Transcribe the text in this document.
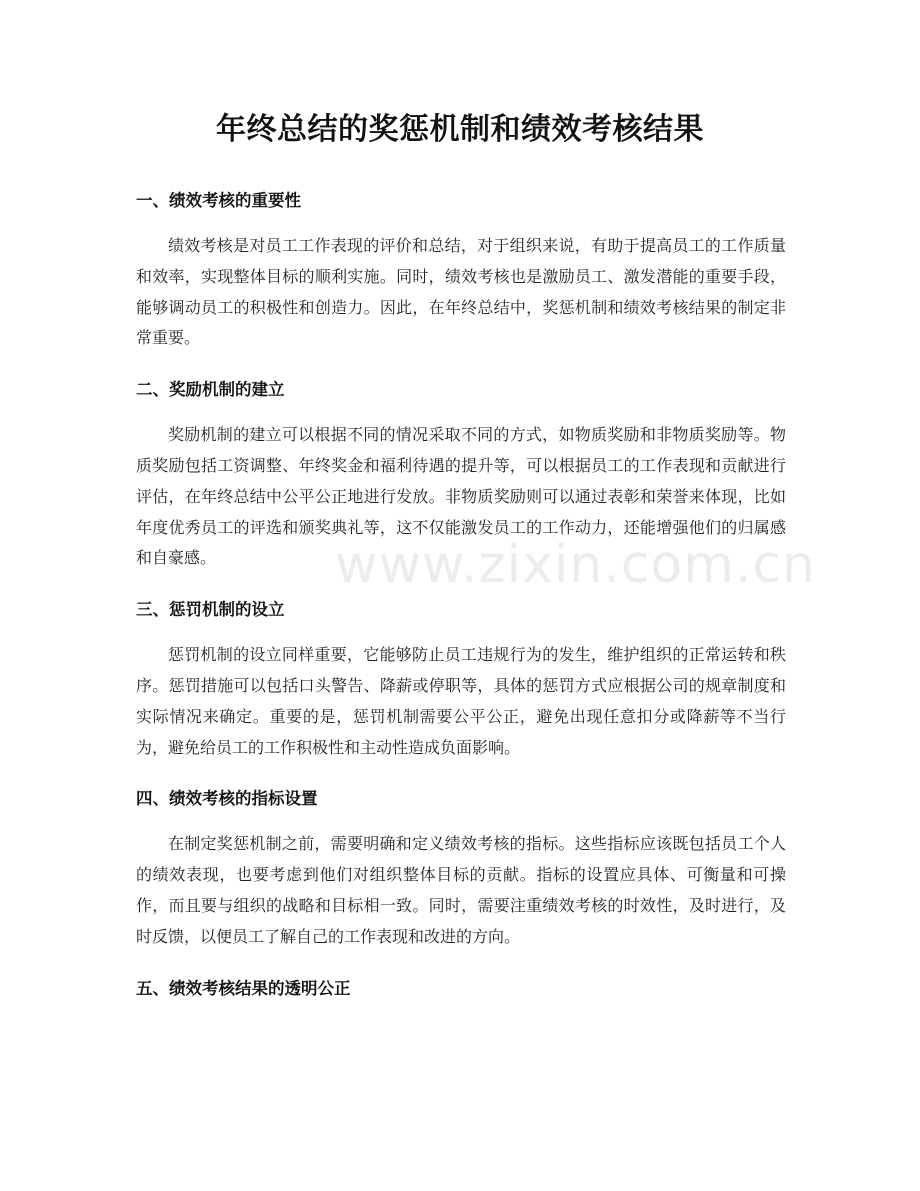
年终总结的奖惩机制和绩效考核结果
一、绩效考核的重要性

绩效考核是对员工工作表现的评价和总结，对于组织来说，有助于提高员工的工作质量和效率，实现整体目标的顺利实施。同时，绩效考核也是激励员工、激发潜能的重要手段，能够调动员工的积极性和创造力。因此，在年终总结中，奖惩机制和绩效考核结果的制定非常重要。

二、奖励机制的建立

奖励机制的建立可以根据不同的情况采取不同的方式，如物质奖励和非物质奖励等。物质奖励包括工资调整、年终奖金和福利待遇的提升等，可以根据员工的工作表现和贡献进行评估，在年终总结中公平公正地进行发放。非物质奖励则可以通过表彰和荣誉来体现，比如年度优秀员工的评选和颁奖典礼等，这不仅能激发员工的工作动力，还能增强他们的归属感和自豪感。

三、惩罚机制的设立

惩罚机制的设立同样重要，它能够防止员工违规行为的发生，维护组织的正常运转和秩序。惩罚措施可以包括口头警告、降薪或停职等，具体的惩罚方式应根据公司的规章制度和实际情况来确定。重要的是，惩罚机制需要公平公正，避免出现任意扣分或降薪等不当行为，避免给员工的工作积极性和主动性造成负面影响。

四、绩效考核的指标设置

在制定奖惩机制之前，需要明确和定义绩效考核的指标。这些指标应该既包括员工个人的绩效表现，也要考虑到他们对组织整体目标的贡献。指标的设置应具体、可衡量和可操作，而且要与组织的战略和目标相一致。同时，需要注重绩效考核的时效性，及时进行，及时反馈，以便员工了解自己的工作表现和改进的方向。

五、绩效考核结果的透明公正
www.zixin.com.cn
